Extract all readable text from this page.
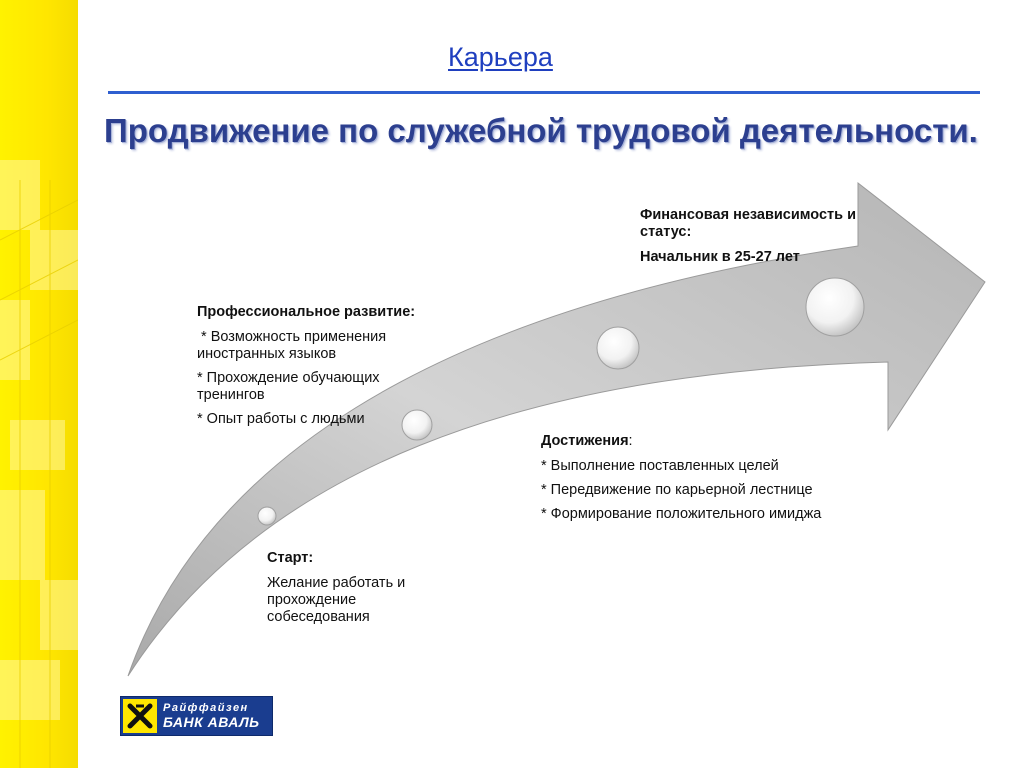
Карьера
Продвижение по служебной трудовой деятельности.
Старт:
Желание работать и прохождение собеседования
Профессиональное развитие:
* Возможность применения иностранных языков
* Прохождение обучающих тренингов
* Опыт работы с людьми
Достижения:
* Выполнение поставленных целей
* Передвижение по карьерной лестнице
* Формирование положительного имиджа
Финансовая независимость и статус:
Начальник в 25-27 лет
Райффайзен
БАНК АВАЛЬ
